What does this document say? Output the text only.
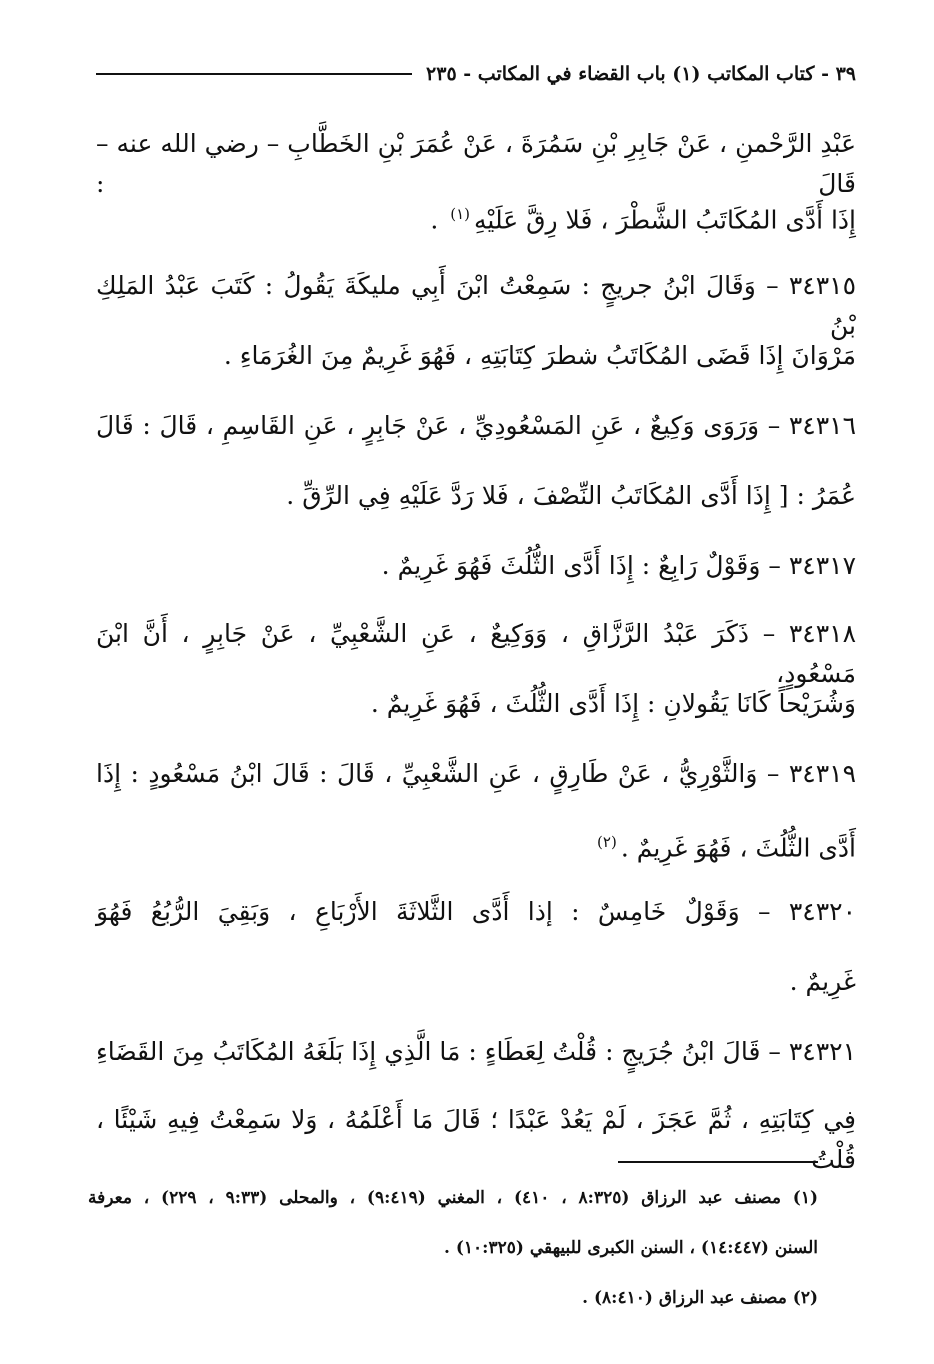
٣٩ - كتاب المكاتب (١) باب القضاء في المكاتب - ٢٣٥
عَبْدِ الرَّحْمنِ ، عَنْ جَابِرِ بْنِ سَمُرَةَ ، عَنْ عُمَرَ بْنِ الخَطَّابِ – رضي الله عنه – قَالَ :
إِذَا أَدَّى المُكَاتَبُ الشَّطْرَ ، فَلا رِقَّ عَلَيْهِ$^{(١)}$ .
٣٤٣١٥ – وَقَالَ ابْنُ جريجٍ : سَمِعْتُ ابْنَ أَبِي مليكَةَ يَقُولُ : كَتَبَ عَبْدُ المَلِكِ بْنُ
مَرْوَانَ إِذَا قَضَى المُكَاتَبُ شطرَ كِتَابَتِهِ ، فَهُوَ غَرِيمٌ مِنَ الغُرَمَاءِ .
٣٤٣١٦ – وَرَوَى وَكِيعٌ ، عَنِ المَسْعُودِيِّ ، عَنْ جَابِرٍ ، عَنِ القَاسِمِ ، قَالَ : قَالَ
عُمَرُ : [ إِذَا أَدَّى المُكَاتَبُ النِّصْفَ ، فَلا رَدَّ عَلَيْهِ فِي الرِّقِّ .
٣٤٣١٧ – وَقَوْلٌ رَابِعٌ : إِذَا أَدَّى الثُّلُثَ فَهُوَ غَرِيمٌ .
٣٤٣١٨ – ذَكَرَ عَبْدُ الرَّزَّاقِ ، وَوَكِيعٌ ، عَنِ الشَّعْبِيِّ ، عَنْ جَابِرٍ ، أَنَّ ابْنَ مَسْعُودٍ،
وَشُرَيْحاً كَانَا يَقُولانِ : إِذَا أَدَّى الثُّلُثَ ، فَهُوَ غَرِيمٌ .
٣٤٣١٩ – وَالثَّوْرِيُّ ، عَنْ طَارِقٍ ، عَنِ الشَّعْبِيِّ ، قَالَ : قَالَ ابْنُ مَسْعُودٍ : إِذَا
أَدَّى الثُّلُثَ ، فَهُوَ غَرِيمٌ .$^{(٢)}$
٣٤٣٢٠ – وَقَوْلٌ خَامِسٌ : إذا أَدَّى الثَّلاثَةَ الأَرْبَاعِ ، وَبَقِيَ الرُّبُعُ فَهُوَ
غَرِيمٌ .
٣٤٣٢١ – قَالَ ابْنُ جُرَيجٍ : قُلْتُ لِعَطَاءٍ : مَا الَّذِي إِذَا بَلَغَهُ المُكَاتَبُ مِنَ القَضَاءِ
فِي كِتَابَتِهِ ، ثُمَّ عَجَزَ ، لَمْ يَعُدْ عَبْدًا ؛ قَالَ مَا أَعْلَمُهُ ، وَلا سَمِعْتُ فِيهِ شَيْئًا ، قُلْتُ
(١) مصنف عبد الرزاق (٨:٣٢٥ ، ٤١٠) ، المغني (٩:٤١٩) ، والمحلى (٩:٣٣ ، ٢٢٩) ، معرفة
السنن (١٤:٤٤٧) ، السنن الكبرى للبيهقي (١٠:٣٢٥) .
(٢) مصنف عبد الرزاق (٨:٤١٠) .
